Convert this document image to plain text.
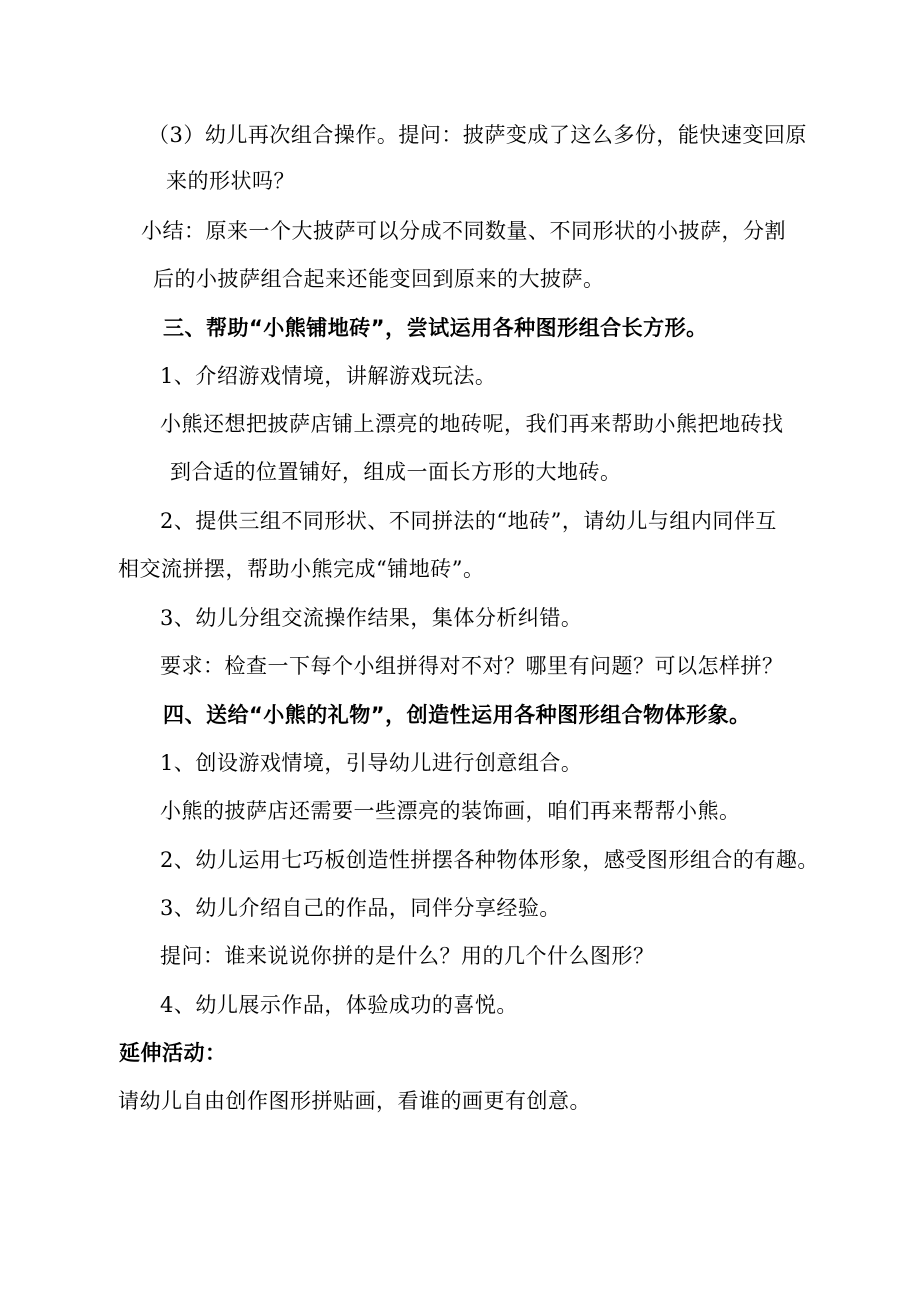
（3）幼儿再次组合操作。提问：披萨变成了这么多份，能快速变回原
来的形状吗？
小结：原来一个大披萨可以分成不同数量、不同形状的小披萨，分割
后的小披萨组合起来还能变回到原来的大披萨。
三、帮助“小熊铺地砖”，尝试运用各种图形组合长方形。
1、介绍游戏情境，讲解游戏玩法。
小熊还想把披萨店铺上漂亮的地砖呢，我们再来帮助小熊把地砖找
到合适的位置铺好，组成一面长方形的大地砖。
2、提供三组不同形状、不同拼法的“地砖”，请幼儿与组内同伴互
相交流拼摆，帮助小熊完成“铺地砖”。
3、幼儿分组交流操作结果，集体分析纠错。
要求：检查一下每个小组拼得对不对？哪里有问题？可以怎样拼？
四、送给“小熊的礼物”，创造性运用各种图形组合物体形象。
1、创设游戏情境，引导幼儿进行创意组合。
小熊的披萨店还需要一些漂亮的装饰画，咱们再来帮帮小熊。
2、幼儿运用七巧板创造性拼摆各种物体形象，感受图形组合的有趣。
3、幼儿介绍自己的作品，同伴分享经验。
提问：谁来说说你拼的是什么？用的几个什么图形？
4、幼儿展示作品，体验成功的喜悦。
延伸活动：
请幼儿自由创作图形拼贴画，看谁的画更有创意。
